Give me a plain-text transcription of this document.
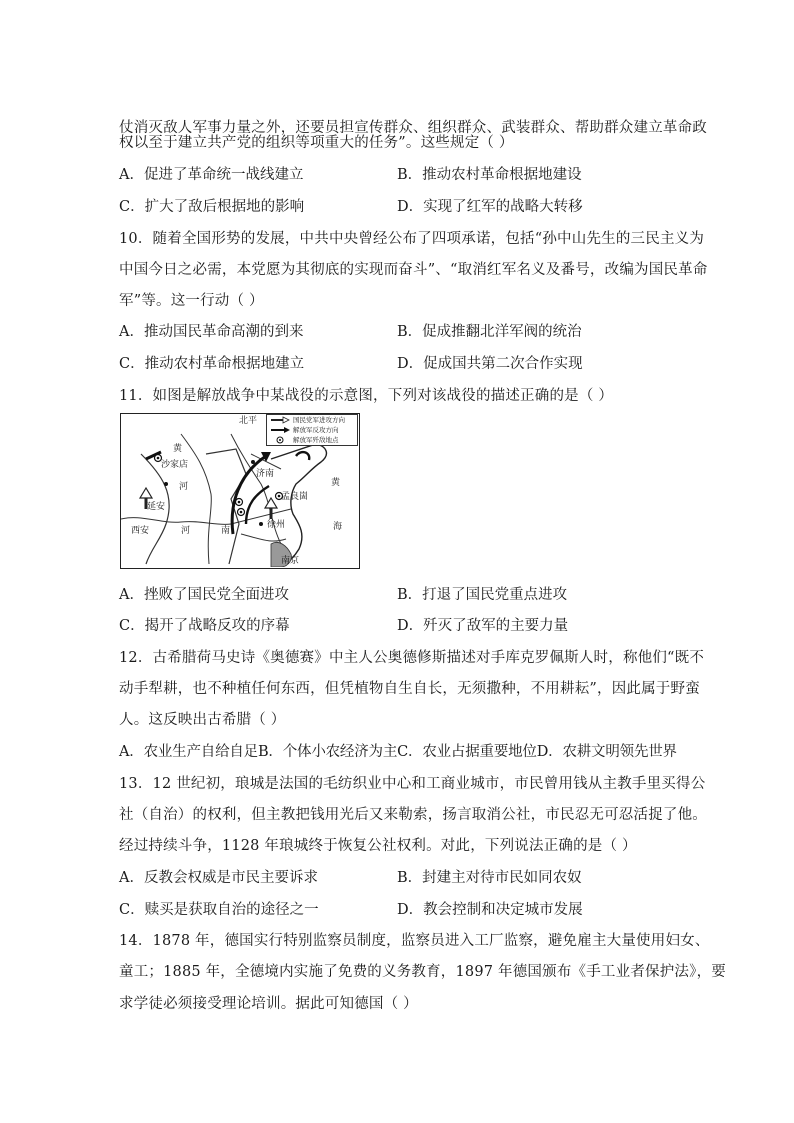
仗消灭敌人军事力量之外，还要员担宣传群众、组织群众、武装群众、帮助群众建立革命政
权以至于建立共产党的组织等项重大的任务”。这些规定（ ）
A．促进了革命统一战线建立	B．推动农村革命根据地建设
C．扩大了敌后根据地的影响	D．实现了红军的战略大转移
10．随着全国形势的发展，中共中央曾经公布了四项承诺，包括“孙中山先生的三民主义为
中国今日之必需，本党愿为其彻底的实现而奋斗”、“取消红军名义及番号，改编为国民革命
军”等。这一行动（ ）
A．推动国民革命高潮的到来	B．促成推翻北洋军阀的统治
C．推动农村革命根据地建立	D．促成国共第二次合作实现
11．如图是解放战争中某战役的示意图，下列对该战役的描述正确的是（ ）
北平
黄
沙家店
延安
河
济南
孟良崮
黄
徐州	海
西安	河	南
南京
国民党军进攻方向
解放军反攻方向
解放军歼敌地点
A．挫败了国民党全面进攻	B．打退了国民党重点进攻
C．揭开了战略反攻的序幕	D．歼灭了敌军的主要力量
12．古希腊荷马史诗《奥德赛》中主人公奥德修斯描述对手库克罗佩斯人时，称他们“既不
动手犁耕，也不种植任何东西，但凭植物自生自长，无须撒种，不用耕耘”，因此属于野蛮
人。这反映出古希腊（ ）
A．农业生产自给自足B．个体小农经济为主C．农业占据重要地位D．农耕文明领先世界
13．12 世纪初，琅城是法国的毛纺织业中心和工商业城市，市民曾用钱从主教手里买得公
社（自治）的权利，但主教把钱用光后又来勒索，扬言取消公社，市民忍无可忍活捉了他。
经过持续斗争，1128 年琅城终于恢复公社权利。对此，下列说法正确的是（ ）
A．反教会权威是市民主要诉求	B．封建主对待市民如同农奴
C．赎买是获取自治的途径之一	D．教会控制和决定城市发展
14．1878 年，德国实行特别监察员制度，监察员进入工厂监察，避免雇主大量使用妇女、
童工；1885 年，全德境内实施了免费的义务教育，1897 年德国颁布《手工业者保护法》，要
求学徒必须接受理论培训。据此可知德国（ ）
